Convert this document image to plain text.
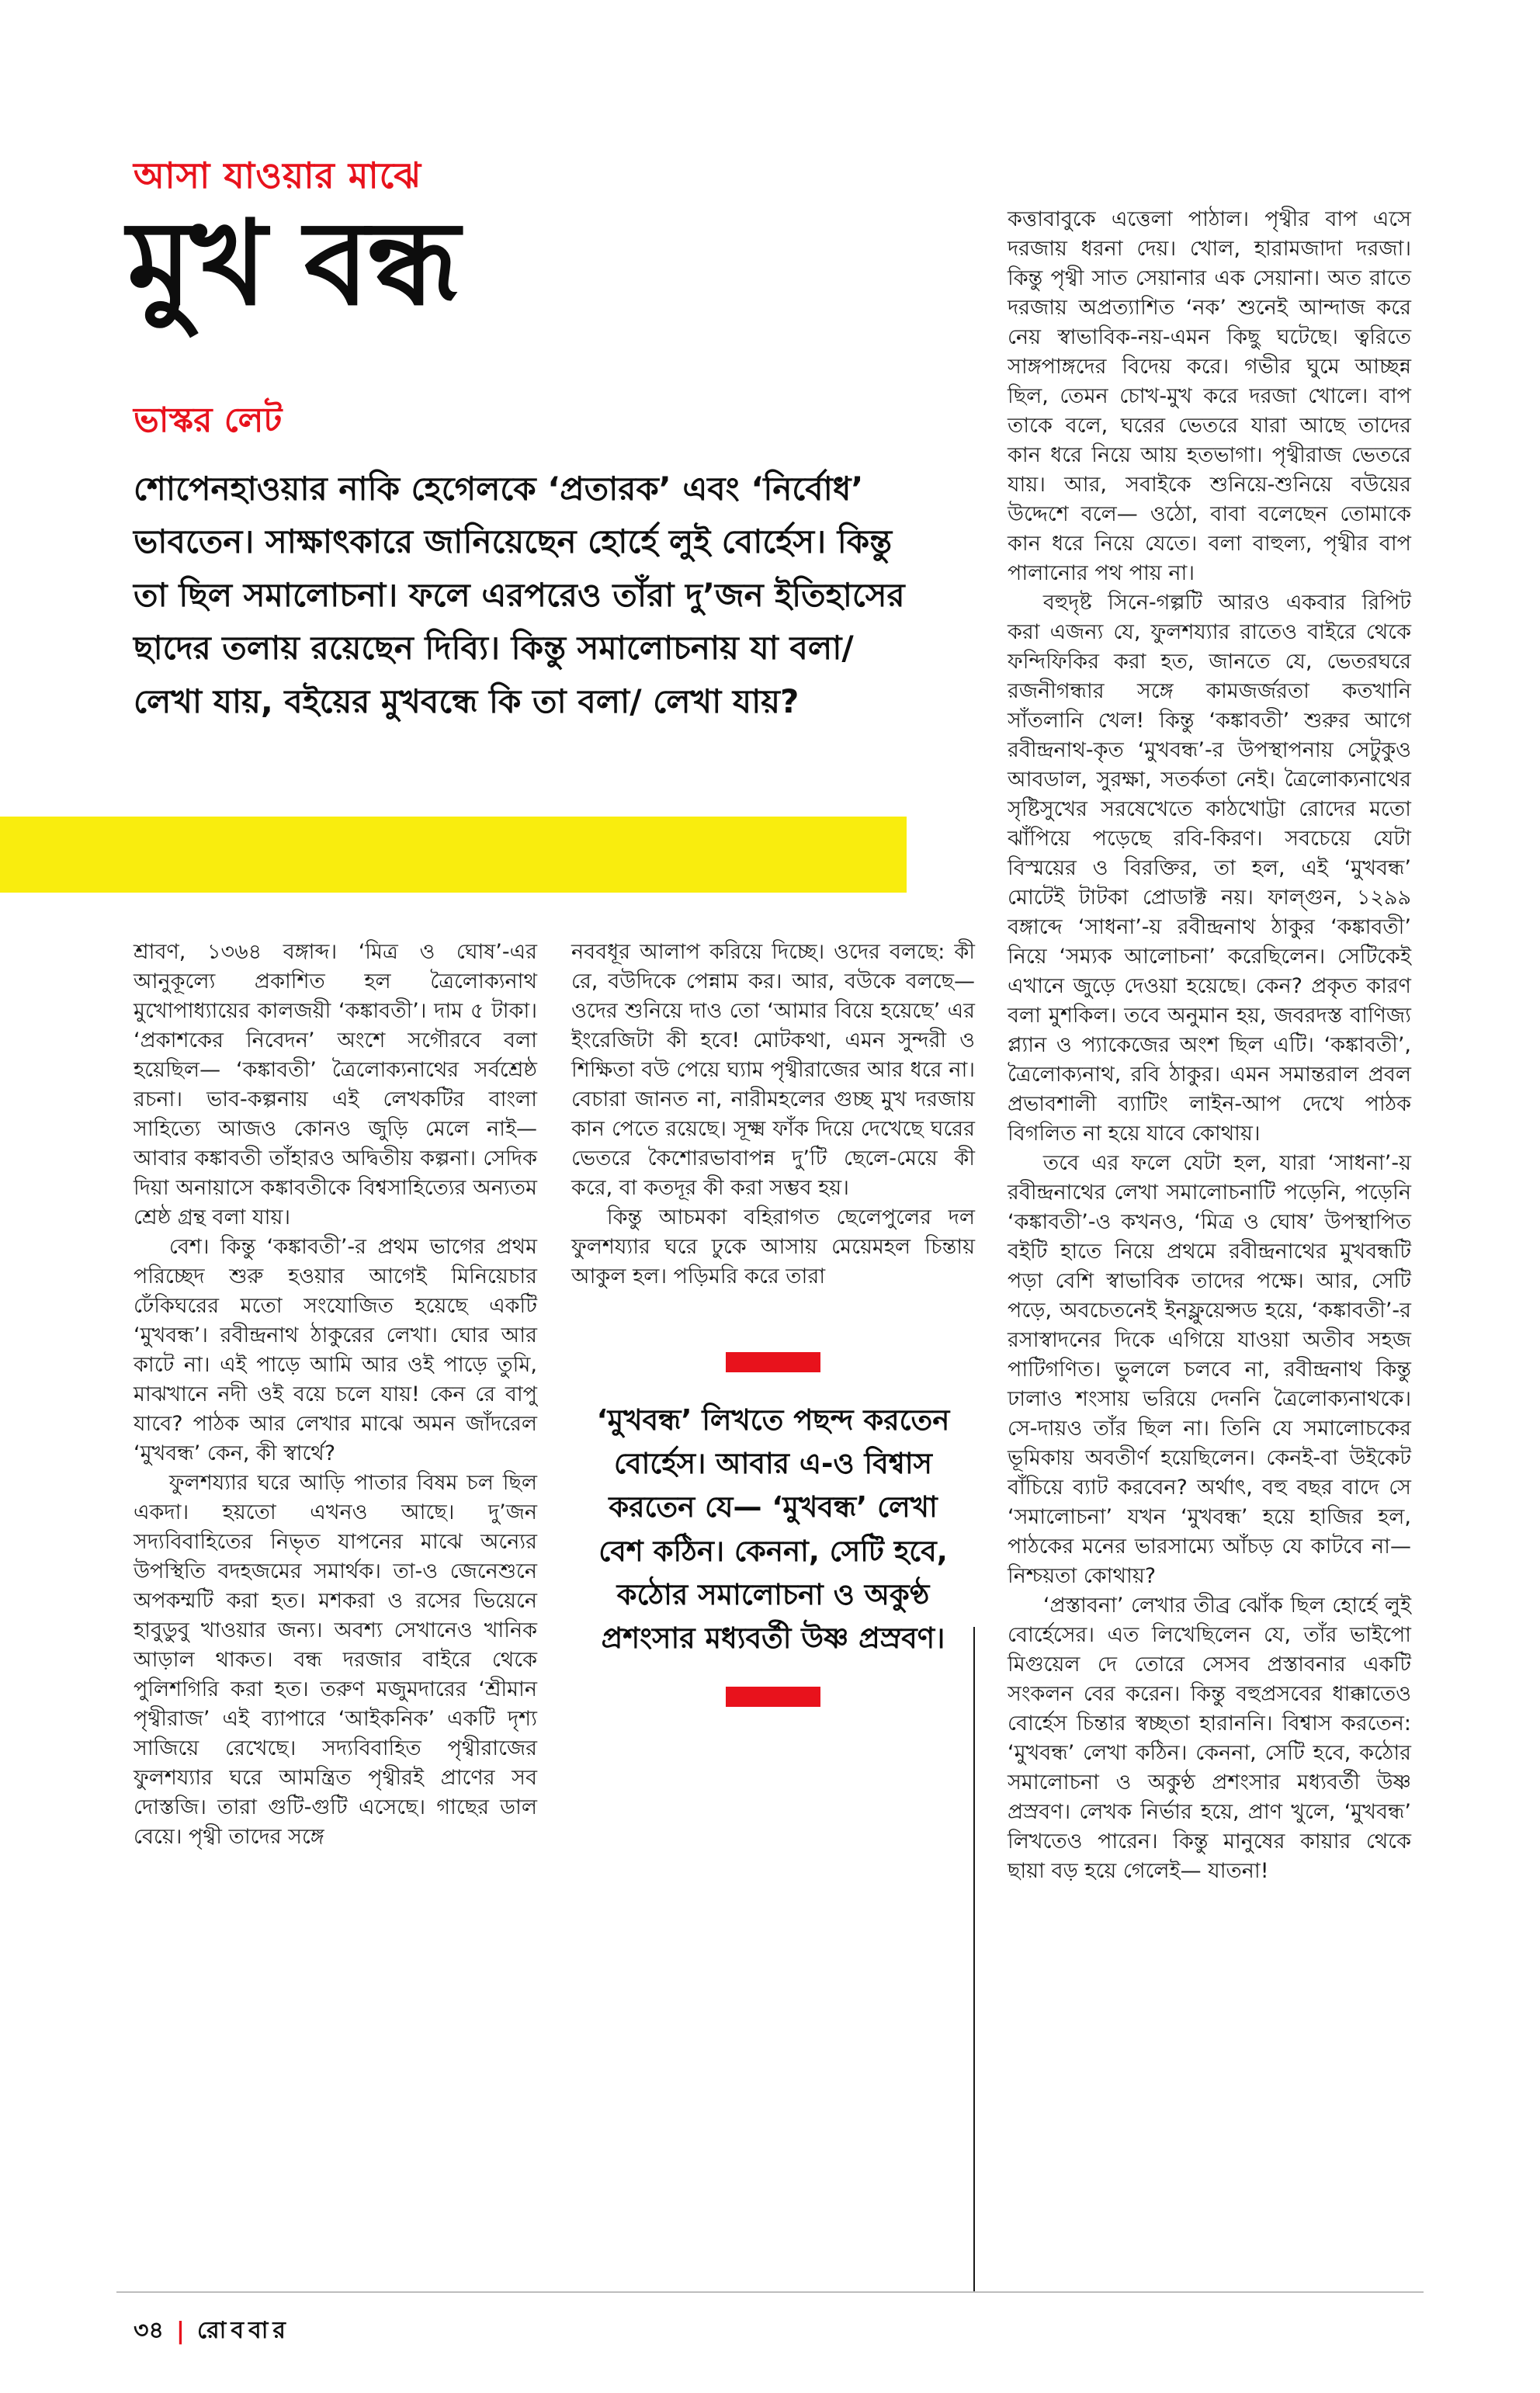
আসা যাওয়ার মাঝে
মুখ বন্ধ
ভাস্কর লেট

শোপেনহাওয়ার নাকি হেগেলকে ‘প্রতারক’ এবং ‘নির্বোধ’ ভাবতেন। সাক্ষাৎকারে জানিয়েছেন হোর্হে লুই বোর্হেস। কিন্তু তা ছিল সমালোচনা। ফলে এরপরেও তাঁরা দু’জন ইতিহাসের ছাদের তলায় রয়েছেন দিব্যি। কিন্তু সমালোচনায় যা বলা/ লেখা যায়, বইয়ের মুখবন্ধে কি তা বলা/ লেখা যায়?

শ্রাবণ, ১৩৬৪ বঙ্গাব্দ। ‘মিত্র ও ঘোষ’-এর আনুকূল্যে প্রকাশিত হল ত্রৈলোক্যনাথ মুখোপাধ্যায়ের কালজয়ী ‘কঙ্কাবতী’। দাম ৫ টাকা। ‘প্রকাশকের নিবেদন’ অংশে সগৌরবে বলা হয়েছিল— ‘কঙ্কাবতী’ ত্রৈলোক্যনাথের সর্বশ্রেষ্ঠ রচনা। ভাব-কল্পনায় এই লেখকটির বাংলা সাহিত্যে আজও কোনও জুড়ি মেলে নাই— আবার কঙ্কাবতী তাঁহারও অদ্বিতীয় কল্পনা। সেদিক দিয়া অনায়াসে কঙ্কাবতীকে বিশ্বসাহিত্যের অন্যতম শ্রেষ্ঠ গ্রন্থ বলা যায়।

বেশ। কিন্তু ‘কঙ্কাবতী’-র প্রথম ভাগের প্রথম পরিচ্ছেদ শুরু হওয়ার আগেই মিনিয়েচার ঢেঁকিঘরের মতো সংযোজিত হয়েছে একটি ‘মুখবন্ধ’। রবীন্দ্রনাথ ঠাকুরের লেখা। ঘোর আর কাটে না। এই পাড়ে আমি আর ওই পাড়ে তুমি, মাঝখানে নদী ওই বয়ে চলে যায়! কেন রে বাপু যাবে? পাঠক আর লেখার মাঝে অমন জাঁদরেল ‘মুখবন্ধ’ কেন, কী স্বার্থে?

ফুলশয্যার ঘরে আড়ি পাতার বিষম চল ছিল একদা। হয়তো এখনও আছে। দু’জন সদ্যবিবাহিতের নিভৃত যাপনের মাঝে অন্যের উপস্থিতি বদহজমের সমার্থক। তা-ও জেনেশুনে অপকম্মটি করা হত। মশকরা ও রসের ভিয়েনে হাবুডুবু খাওয়ার জন্য। অবশ্য সেখানেও খানিক আড়াল থাকত। বন্ধ দরজার বাইরে থেকে পুলিশগিরি করা হত। তরুণ মজুমদারের ‘শ্রীমান পৃথ্বীরাজ’ এই ব্যাপারে ‘আইকনিক’ একটি দৃশ্য সাজিয়ে রেখেছে। সদ্যবিবাহিত পৃথ্বীরাজের ফুলশয্যার ঘরে আমন্ত্রিত পৃথ্বীরই প্রাণের সব দোস্তজি। তারা গুটি-গুটি এসেছে। গাছের ডাল বেয়ে। পৃথ্বী তাদের সঙ্গে

নববধূর আলাপ করিয়ে দিচ্ছে। ওদের বলছে: কী রে, বউদিকে পেন্নাম কর। আর, বউকে বলছে— ওদের শুনিয়ে দাও তো ‘আমার বিয়ে হয়েছে’ এর ইংরেজিটা কী হবে! মোটকথা, এমন সুন্দরী ও শিক্ষিতা বউ পেয়ে ঘ্যাম পৃথ্বীরাজের আর ধরে না। বেচারা জানত না, নারীমহলের গুচ্ছ মুখ দরজায় কান পেতে রয়েছে। সূক্ষ্ম ফাঁক দিয়ে দেখেছে ঘরের ভেতরে কৈশোরভাবাপন্ন দু’টি ছেলে-মেয়ে কী করে, বা কতদূর কী করা সম্ভব হয়।

কিন্তু আচমকা বহিরাগত ছেলেপুলের দল ফুলশয্যার ঘরে ঢুকে আসায় মেয়েমহল চিন্তায় আকুল হল। পড়িমরি করে তারা

‘মুখবন্ধ’ লিখতে পছন্দ করতেন বোর্হেস। আবার এ-ও বিশ্বাস করতেন যে— ‘মুখবন্ধ’ লেখা বেশ কঠিন। কেননা, সেটি হবে, কঠোর সমালোচনা ও অকুণ্ঠ প্রশংসার মধ্যবর্তী উষ্ণ প্রস্রবণ।

কত্তাবাবুকে এত্তেলা পাঠাল। পৃথ্বীর বাপ এসে দরজায় ধরনা দেয়। খোল, হারামজাদা দরজা। কিন্তু পৃথ্বী সাত সেয়ানার এক সেয়ানা। অত রাতে দরজায় অপ্রত্যাশিত ‘নক’ শুনেই আন্দাজ করে নেয় স্বাভাবিক-নয়-এমন কিছু ঘটেছে। ত্বরিতে সাঙ্গপাঙ্গদের বিদেয় করে। গভীর ঘুমে আচ্ছন্ন ছিল, তেমন চোখ-মুখ করে দরজা খোলে। বাপ তাকে বলে, ঘরের ভেতরে যারা আছে তাদের কান ধরে নিয়ে আয় হতভাগা। পৃথ্বীরাজ ভেতরে যায়। আর, সবাইকে শুনিয়ে-শুনিয়ে বউয়ের উদ্দেশে বলে— ওঠো, বাবা বলেছেন তোমাকে কান ধরে নিয়ে যেতে। বলা বাহুল্য, পৃথ্বীর বাপ পালানোর পথ পায় না।

বহুদৃষ্ট সিনে-গল্পটি আরও একবার রিপিট করা এজন্য যে, ফুলশয্যার রাতেও বাইরে থেকে ফন্দিফিকির করা হত, জানতে যে, ভেতরঘরে রজনীগন্ধার সঙ্গে কামজর্জরতা কতখানি সাঁতলানি খেল! কিন্তু ‘কঙ্কাবতী’ শুরুর আগে রবীন্দ্রনাথ-কৃত ‘মুখবন্ধ’-র উপস্থাপনায় সেটুকুও আবডাল, সুরক্ষা, সতর্কতা নেই। ত্রৈলোক্যনাথের সৃষ্টিসুখের সরষেখেতে কাঠখোট্টা রোদের মতো ঝাঁপিয়ে পড়েছে রবি-কিরণ। সবচেয়ে যেটা বিস্ময়ের ও বিরক্তির, তা হল, এই ‘মুখবন্ধ’ মোটেই টাটকা প্রোডাক্ট নয়। ফাল্গুন, ১২৯৯ বঙ্গাব্দে ‘সাধনা’-য় রবীন্দ্রনাথ ঠাকুর ‘কঙ্কাবতী’ নিয়ে ‘সম্যক আলোচনা’ করেছিলেন। সেটিকেই এখানে জুড়ে দেওয়া হয়েছে। কেন? প্রকৃত কারণ বলা মুশকিল। তবে অনুমান হয়, জবরদস্ত বাণিজ্য প্ল্যান ও প্যাকেজের অংশ ছিল এটি। ‘কঙ্কাবতী’, ত্রৈলোক্যনাথ, রবি ঠাকুর। এমন সমান্তরাল প্রবল প্রভাবশালী ব্যাটিং লাইন-আপ দেখে পাঠক বিগলিত না হয়ে যাবে কোথায়।

তবে এর ফলে যেটা হল, যারা ‘সাধনা’-য় রবীন্দ্রনাথের লেখা সমালোচনাটি পড়েনি, পড়েনি ‘কঙ্কাবতী’-ও কখনও, ‘মিত্র ও ঘোষ’ উপস্থাপিত বইটি হাতে নিয়ে প্রথমে রবীন্দ্রনাথের মুখবন্ধটি পড়া বেশি স্বাভাবিক তাদের পক্ষে। আর, সেটি পড়ে, অবচেতনেই ইনফ্লুয়েন্সড হয়ে, ‘কঙ্কাবতী’-র রসাস্বাদনের দিকে এগিয়ে যাওয়া অতীব সহজ পাটিগণিত। ভুললে চলবে না, রবীন্দ্রনাথ কিন্তু ঢালাও শংসায় ভরিয়ে দেননি ত্রৈলোক্যনাথকে। সে-দায়ও তাঁর ছিল না। তিনি যে সমালোচকের ভূমিকায় অবতীর্ণ হয়েছিলেন। কেনই-বা উইকেট বাঁচিয়ে ব্যাট করবেন? অর্থাৎ, বহু বছর বাদে সে ‘সমালোচনা’ যখন ‘মুখবন্ধ’ হয়ে হাজির হল, পাঠকের মনের ভারসাম্যে আঁচড় যে কাটবে না— নিশ্চয়তা কোথায়?

‘প্রস্তাবনা’ লেখার তীব্র ঝোঁক ছিল হোর্হে লুই বোর্হেসের। এত লিখেছিলেন যে, তাঁর ভাইপো মিগুয়েল দে তোরে সেসব প্রস্তাবনার একটি সংকলন বের করেন। কিন্তু বহুপ্রসবের ধাক্কাতেও বোর্হেস চিন্তার স্বচ্ছতা হারাননি। বিশ্বাস করতেন: ‘মুখবন্ধ’ লেখা কঠিন। কেননা, সেটি হবে, কঠোর সমালোচনা ও অকুণ্ঠ প্রশংসার মধ্যবর্তী উষ্ণ প্রস্রবণ। লেখক নির্ভার হয়ে, প্রাণ খুলে, ‘মুখবন্ধ’ লিখতেও পারেন। কিন্তু মানুষের কায়ার থেকে ছায়া বড় হয়ে গেলেই— যাতনা!

৩৪ | রোববার
